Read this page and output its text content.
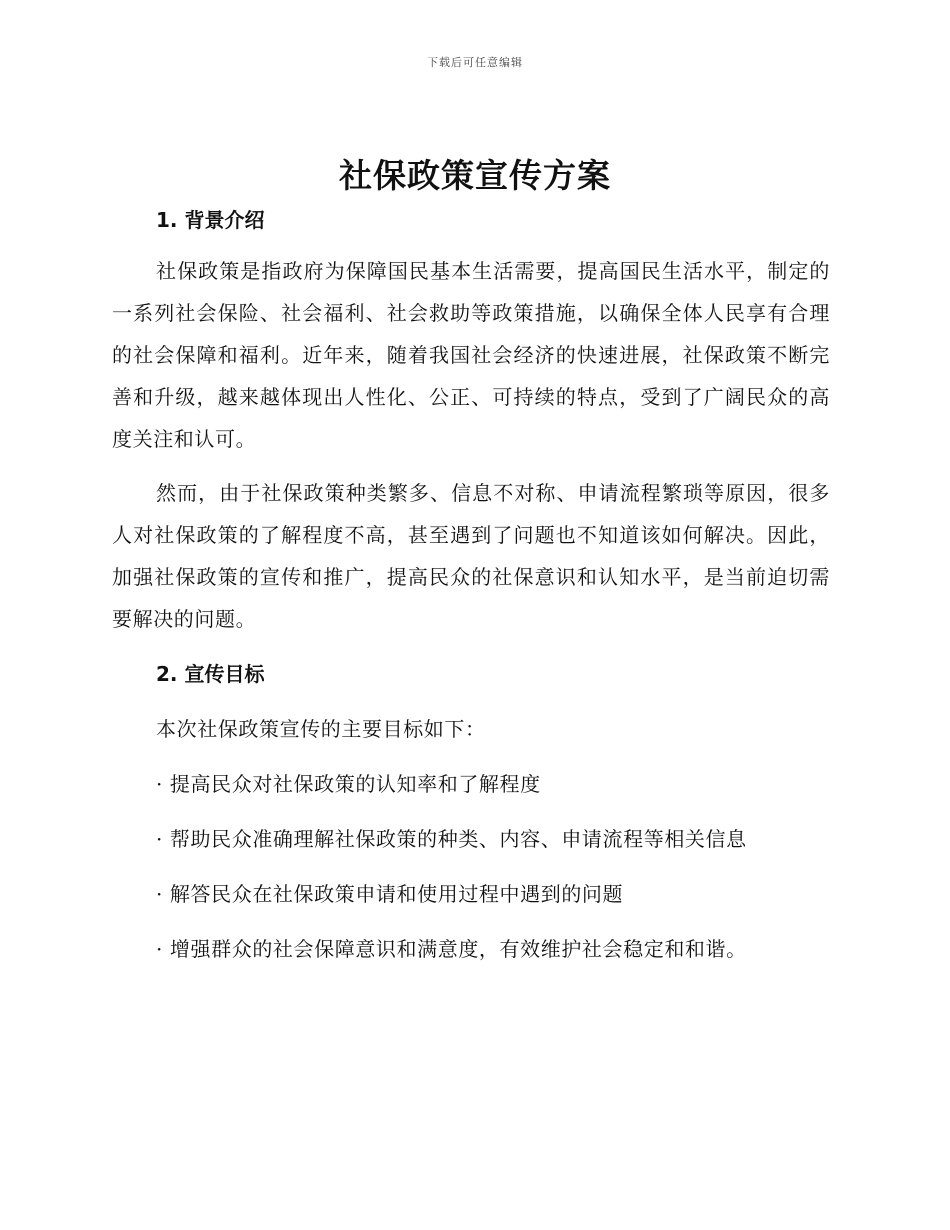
下载后可任意编辑
社保政策宣传方案
1. 背景介绍

社保政策是指政府为保障国民基本生活需要，提高国民生活水平，制定的一系列社会保险、社会福利、社会救助等政策措施，以确保全体人民享有合理的社会保障和福利。近年来，随着我国社会经济的快速进展，社保政策不断完善和升级，越来越体现出人性化、公正、可持续的特点，受到了广阔民众的高度关注和认可。

然而，由于社保政策种类繁多、信息不对称、申请流程繁琐等原因，很多人对社保政策的了解程度不高，甚至遇到了问题也不知道该如何解决。因此，加强社保政策的宣传和推广，提高民众的社保意识和认知水平，是当前迫切需要解决的问题。

2. 宣传目标

本次社保政策宣传的主要目标如下：

· 提高民众对社保政策的认知率和了解程度
· 帮助民众准确理解社保政策的种类、内容、申请流程等相关信息
· 解答民众在社保政策申请和使用过程中遇到的问题
· 增强群众的社会保障意识和满意度，有效维护社会稳定和和谐。
